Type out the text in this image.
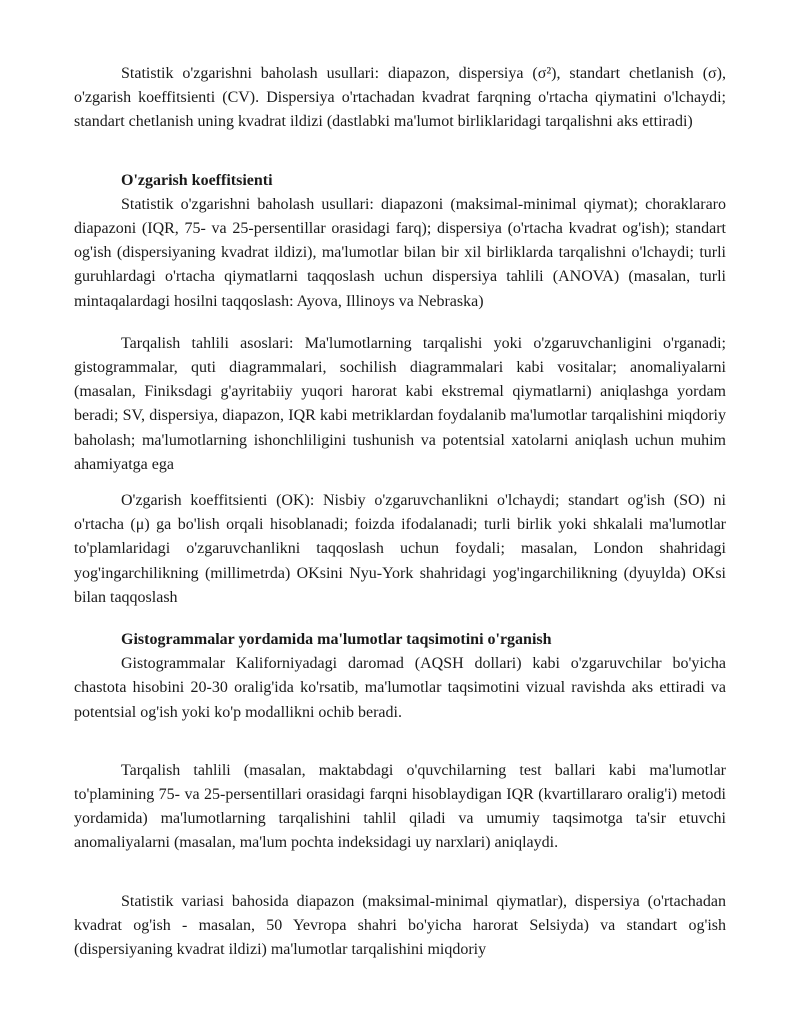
Statistik o'zgarishni baholash usullari: diapazon, dispersiya (σ²), standart chetlanish (σ), o'zgarish koeffitsienti (CV). Dispersiya o'rtachadan kvadrat farqning o'rtacha qiymatini o'lchaydi; standart chetlanish uning kvadrat ildizi (dastlabki ma'lumot birliklaridagi tarqalishni aks ettiradi)

O'zgarish koeffitsienti

Statistik o'zgarishni baholash usullari: diapazoni (maksimal-minimal qiymat); choraklararo diapazoni (IQR, 75- va 25-persentillar orasidagi farq); dispersiya (o'rtacha kvadrat og'ish); standart og'ish (dispersiyaning kvadrat ildizi), ma'lumotlar bilan bir xil birliklarda tarqalishni o'lchaydi; turli guruhlardagi o'rtacha qiymatlarni taqqoslash uchun dispersiya tahlili (ANOVA) (masalan, turli mintaqalardagi hosilni taqqoslash: Ayova, Illinoys va Nebraska)

Tarqalish tahlili asoslari: Ma'lumotlarning tarqalishi yoki o'zgaruvchanligini o'rganadi; gistogrammalar, quti diagrammalari, sochilish diagrammalari kabi vositalar; anomaliyalarni (masalan, Finiksdagi g'ayritabiiy yuqori harorat kabi ekstremal qiymatlarni) aniqlashga yordam beradi; SV, dispersiya, diapazon, IQR kabi metriklardan foydalanib ma'lumotlar tarqalishini miqdoriy baholash; ma'lumotlarning ishonchliligini tushunish va potentsial xatolarni aniqlash uchun muhim ahamiyatga ega

O'zgarish koeffitsienti (OK): Nisbiy o'zgaruvchanlikni o'lchaydi; standart og'ish (SO) ni o'rtacha (μ) ga bo'lish orqali hisoblanadi; foizda ifodalanadi; turli birlik yoki shkalali ma'lumotlar to'plamlaridagi o'zgaruvchanlikni taqqoslash uchun foydali; masalan, London shahridagi yog'ingarchilikning (millimetrda) OKsini Nyu-York shahridagi yog'ingarchilikning (dyuylda) OKsi bilan taqqoslash

Gistogrammalar yordamida ma'lumotlar taqsimotini o'rganish

Gistogrammalar Kaliforniyadagi daromad (AQSH dollari) kabi o'zgaruvchilar bo'yicha chastota hisobini 20-30 oralig'ida ko'rsatib, ma'lumotlar taqsimotini vizual ravishda aks ettiradi va potentsial og'ish yoki ko'p modallikni ochib beradi.

Tarqalish tahlili (masalan, maktabdagi o'quvchilarning test ballari kabi ma'lumotlar to'plamining 75- va 25-persentillari orasidagi farqni hisoblaydigan IQR (kvartillararo oralig'i) metodi yordamida) ma'lumotlarning tarqalishini tahlil qiladi va umumiy taqsimotga ta'sir etuvchi anomaliyalarni (masalan, ma'lum pochta indeksidagi uy narxlari) aniqlaydi.

Statistik variasi bahosida diapazon (maksimal-minimal qiymatlar), dispersiya (o'rtachadan kvadrat og'ish - masalan, 50 Yevropa shahri bo'yicha harorat Selsiyda) va standart og'ish (dispersiyaning kvadrat ildizi) ma'lumotlar tarqalishini miqdoriy
